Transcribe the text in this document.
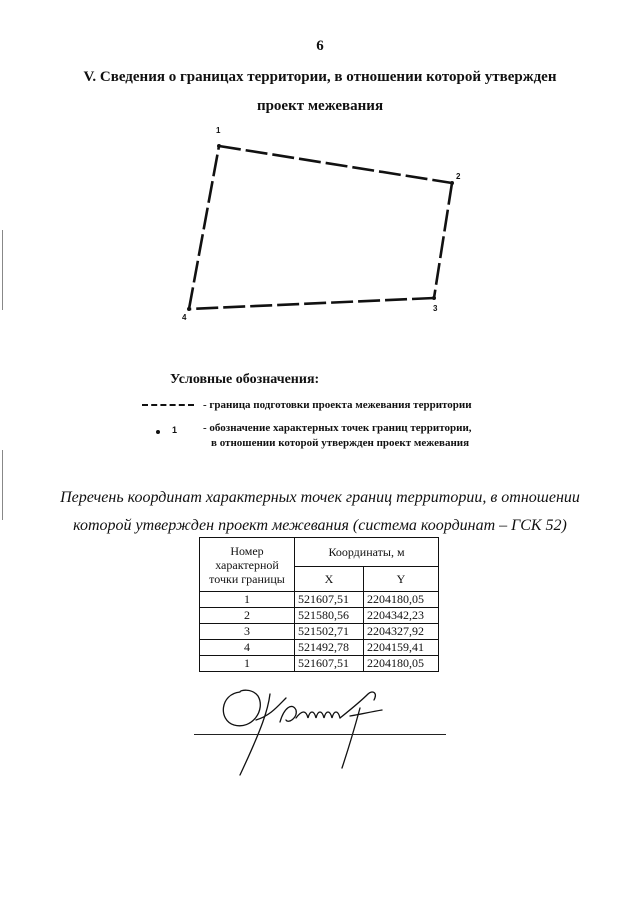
6
V. Сведения о границах территории, в отношении которой утвержден
проект межевания
1
2
3
4
Условные обозначения:
- граница подготовки проекта межевания территории
1 - обозначение характерных точек границ территории,
в отношении которой утвержден проект межевания
Перечень координат характерных точек границ территории, в отношении
которой утвержден проект межевания (система координат – ГСК 52)
Номер характерной точки границы	Координаты, м	
	X	Y
1	521607,51	2204180,05
2	521580,56	2204342,23
3	521502,71	2204327,92
4	521492,78	2204159,41
1	521607,51	2204180,05
